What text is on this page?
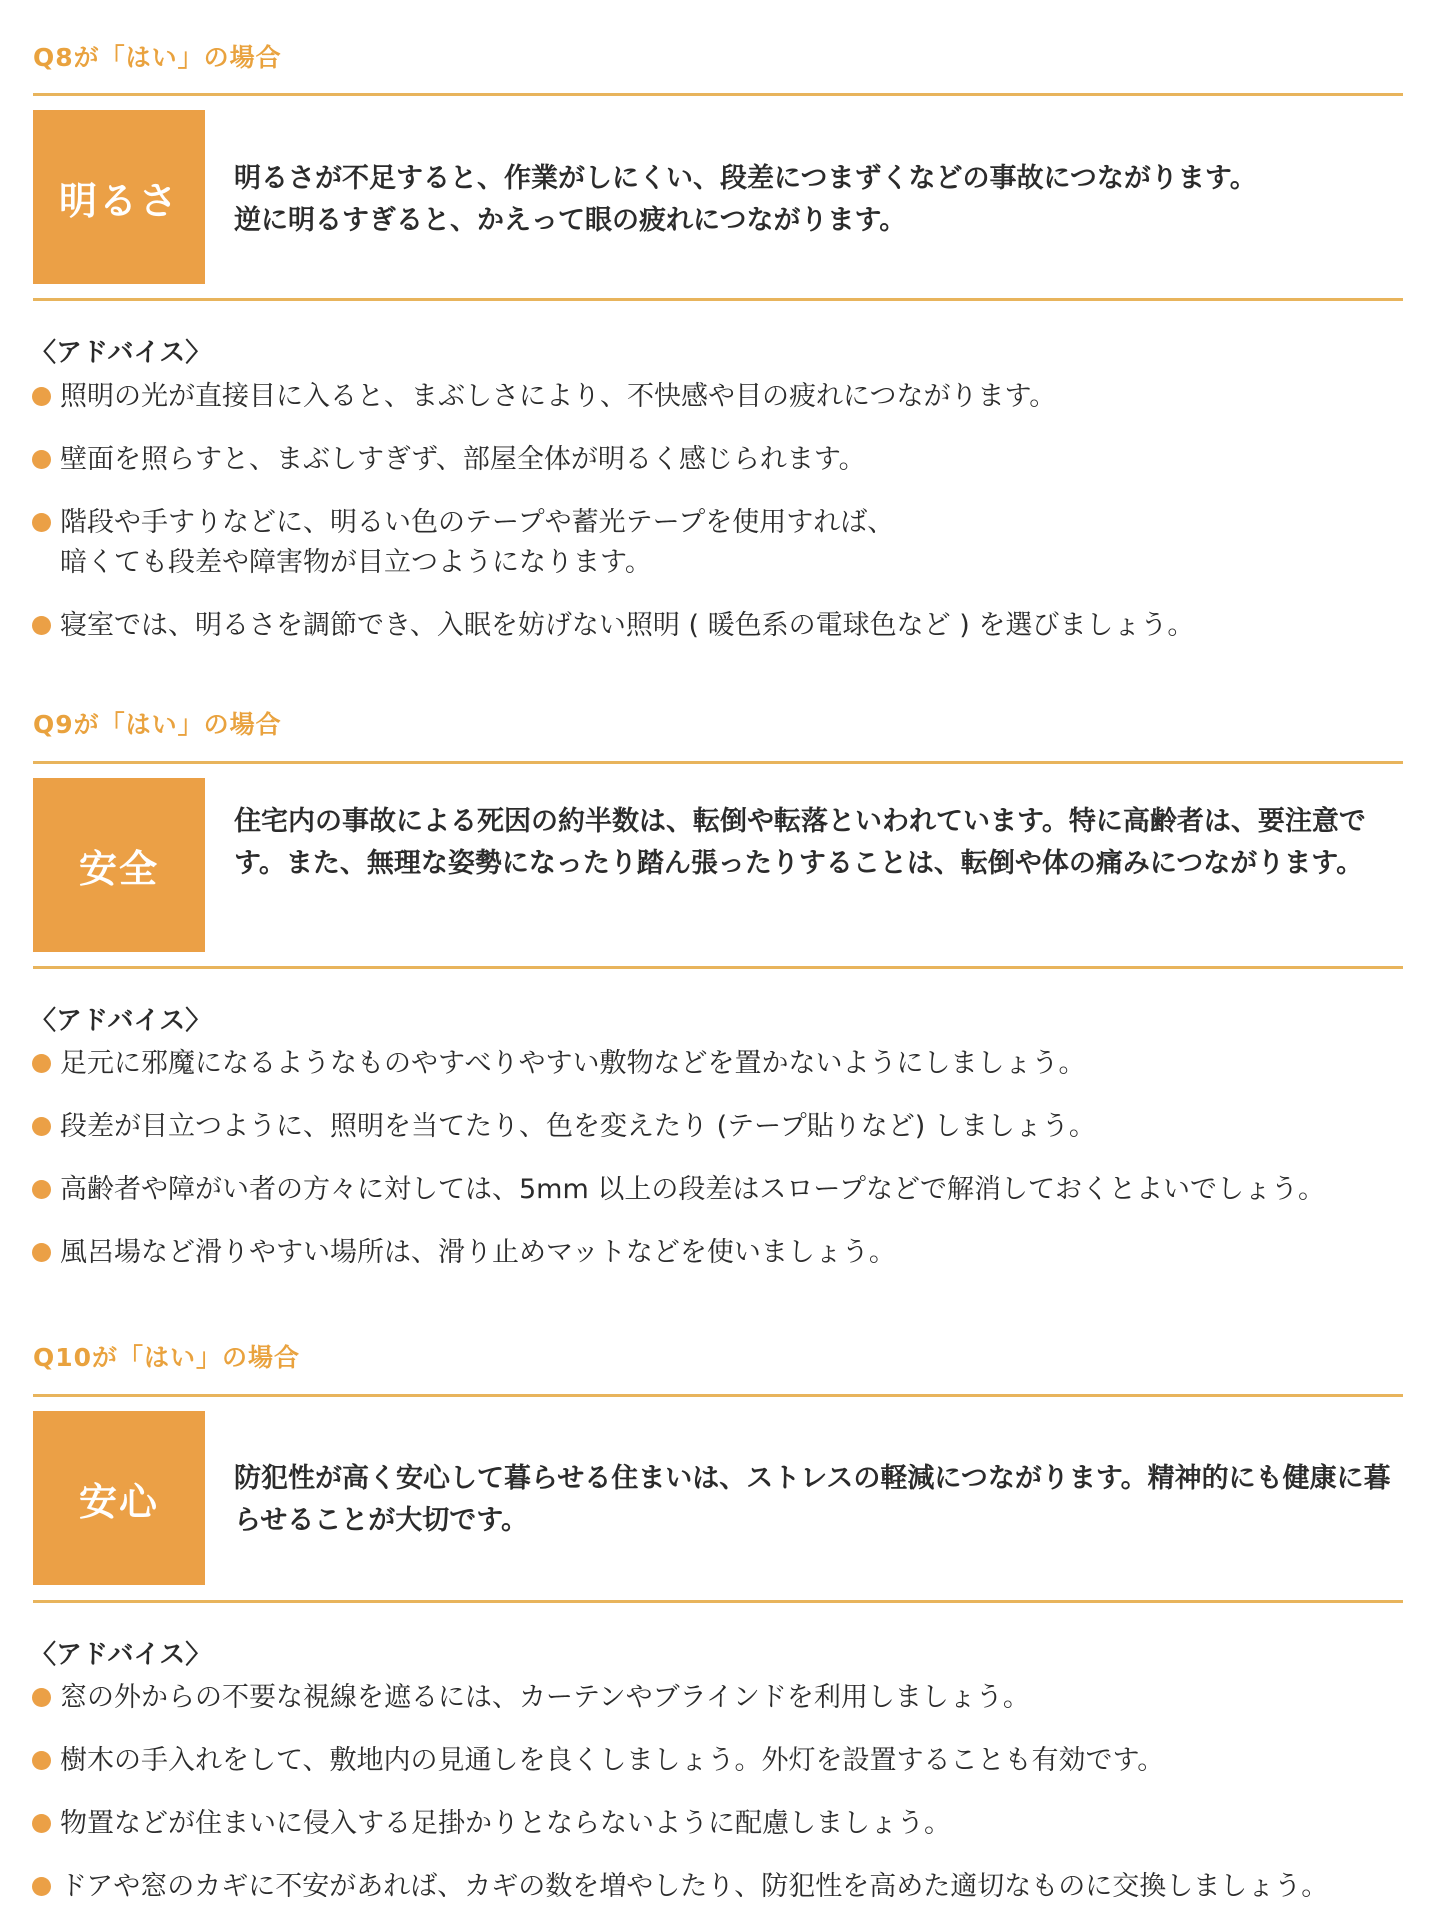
Q8が「はい」の場合
明るさ	明るさが不足すると、作業がしにくい、段差につまずくなどの事故につながります。
逆に明るすぎると、かえって眼の疲れにつながります。
〈アドバイス〉
照明の光が直接目に入ると、まぶしさにより、不快感や目の疲れにつながります。
壁面を照らすと、まぶしすぎず、部屋全体が明るく感じられます。
階段や手すりなどに、明るい色のテープや蓄光テープを使用すれば、
暗くても段差や障害物が目立つようになります。
寝室では、明るさを調節でき、入眠を妨げない照明 ( 暖色系の電球色など ) を選びましょう。
Q9が「はい」の場合
安全
住宅内の事故による死因の約半数は、転倒や転落といわれています。特に高齢者は、要注意です。また、無理な姿勢になったり踏ん張ったりすることは、転倒や体の痛みにつながります。
〈アドバイス〉
足元に邪魔になるようなものやすべりやすい敷物などを置かないようにしましょう。
段差が目立つように、照明を当てたり、色を変えたり (テープ貼りなど) しましょう。
高齢者や障がい者の方々に対しては、5mm 以上の段差はスロープなどで解消しておくとよいでしょう。
風呂場など滑りやすい場所は、滑り止めマットなどを使いましょう。
Q10が「はい」の場合
安心
防犯性が高く安心して暮らせる住まいは、ストレスの軽減につながります。精神的にも健康に暮らせることが大切です。
〈アドバイス〉
窓の外からの不要な視線を遮るには、カーテンやブラインドを利用しましょう。
樹木の手入れをして、敷地内の見通しを良くしましょう。外灯を設置することも有効です。
物置などが住まいに侵入する足掛かりとならないように配慮しましょう。
ドアや窓のカギに不安があれば、カギの数を増やしたり、防犯性を高めた適切なものに交換しましょう。
